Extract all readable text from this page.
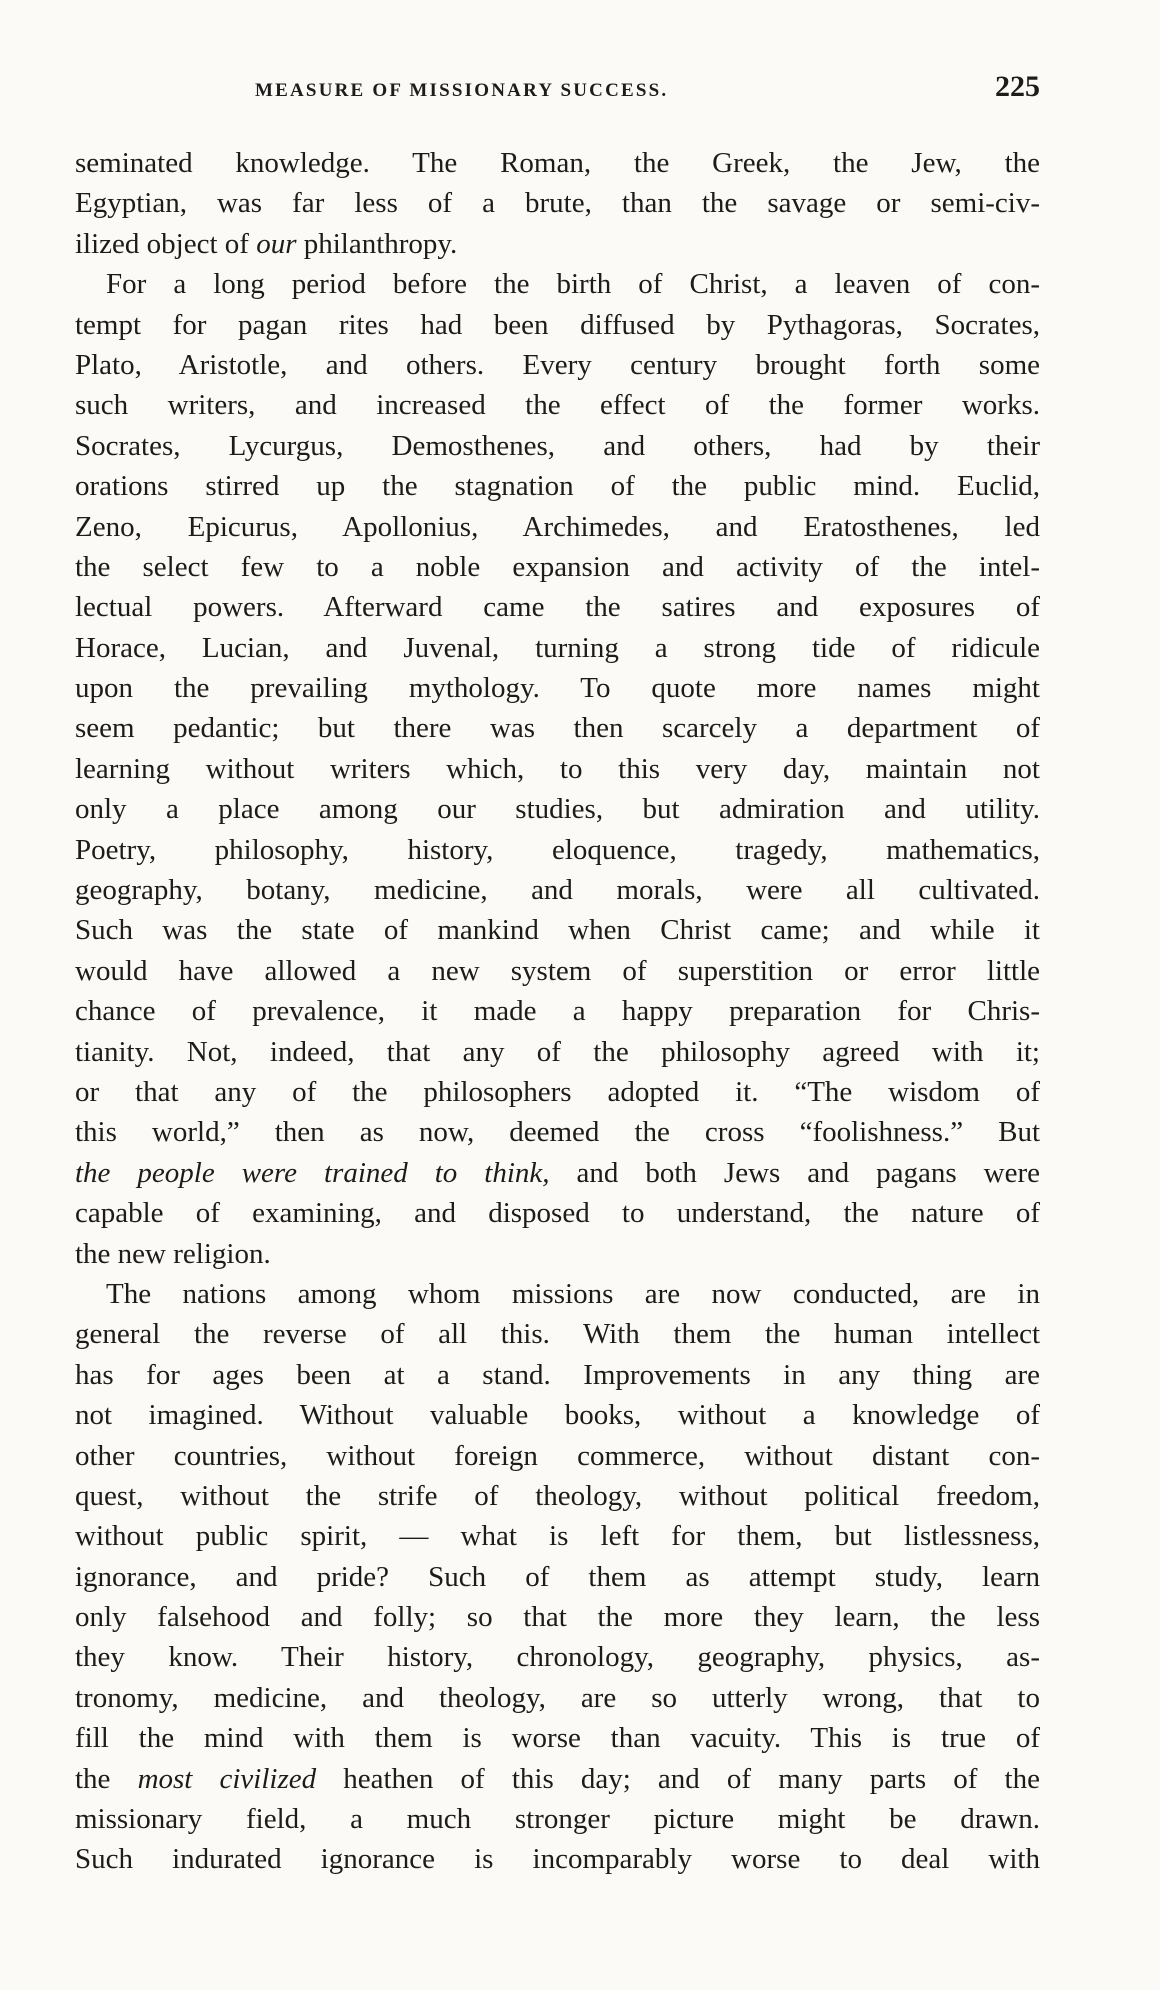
MEASURE OF MISSIONARY SUCCESS.	225
seminated knowledge. The Roman, the Greek, the Jew, the
Egyptian, was far less of a brute, than the savage or semi-civ-
ilized object of our philanthropy.
For a long period before the birth of Christ, a leaven of con-
tempt for pagan rites had been diffused by Pythagoras, Socrates,
Plato, Aristotle, and others. Every century brought forth some
such writers, and increased the effect of the former works.
Socrates, Lycurgus, Demosthenes, and others, had by their
orations stirred up the stagnation of the public mind. Euclid,
Zeno, Epicurus, Apollonius, Archimedes, and Eratosthenes, led
the select few to a noble expansion and activity of the intel-
lectual powers. Afterward came the satires and exposures of
Horace, Lucian, and Juvenal, turning a strong tide of ridicule
upon the prevailing mythology. To quote more names might
seem pedantic; but there was then scarcely a department of
learning without writers which, to this very day, maintain not
only a place among our studies, but admiration and utility.
Poetry, philosophy, history, eloquence, tragedy, mathematics,
geography, botany, medicine, and morals, were all cultivated.
Such was the state of mankind when Christ came; and while it
would have allowed a new system of superstition or error little
chance of prevalence, it made a happy preparation for Chris-
tianity. Not, indeed, that any of the philosophy agreed with it;
or that any of the philosophers adopted it. “The wisdom of
this world,” then as now, deemed the cross “foolishness.” But
the people were trained to think, and both Jews and pagans were
capable of examining, and disposed to understand, the nature of
the new religion.
The nations among whom missions are now conducted, are in
general the reverse of all this. With them the human intellect
has for ages been at a stand. Improvements in any thing are
not imagined. Without valuable books, without a knowledge of
other countries, without foreign commerce, without distant con-
quest, without the strife of theology, without political freedom,
without public spirit, — what is left for them, but listlessness,
ignorance, and pride? Such of them as attempt study, learn
only falsehood and folly; so that the more they learn, the less
they know. Their history, chronology, geography, physics, as-
tronomy, medicine, and theology, are so utterly wrong, that to
fill the mind with them is worse than vacuity. This is true of
the most civilized heathen of this day; and of many parts of the
missionary field, a much stronger picture might be drawn.
Such indurated ignorance is incomparably worse to deal with
